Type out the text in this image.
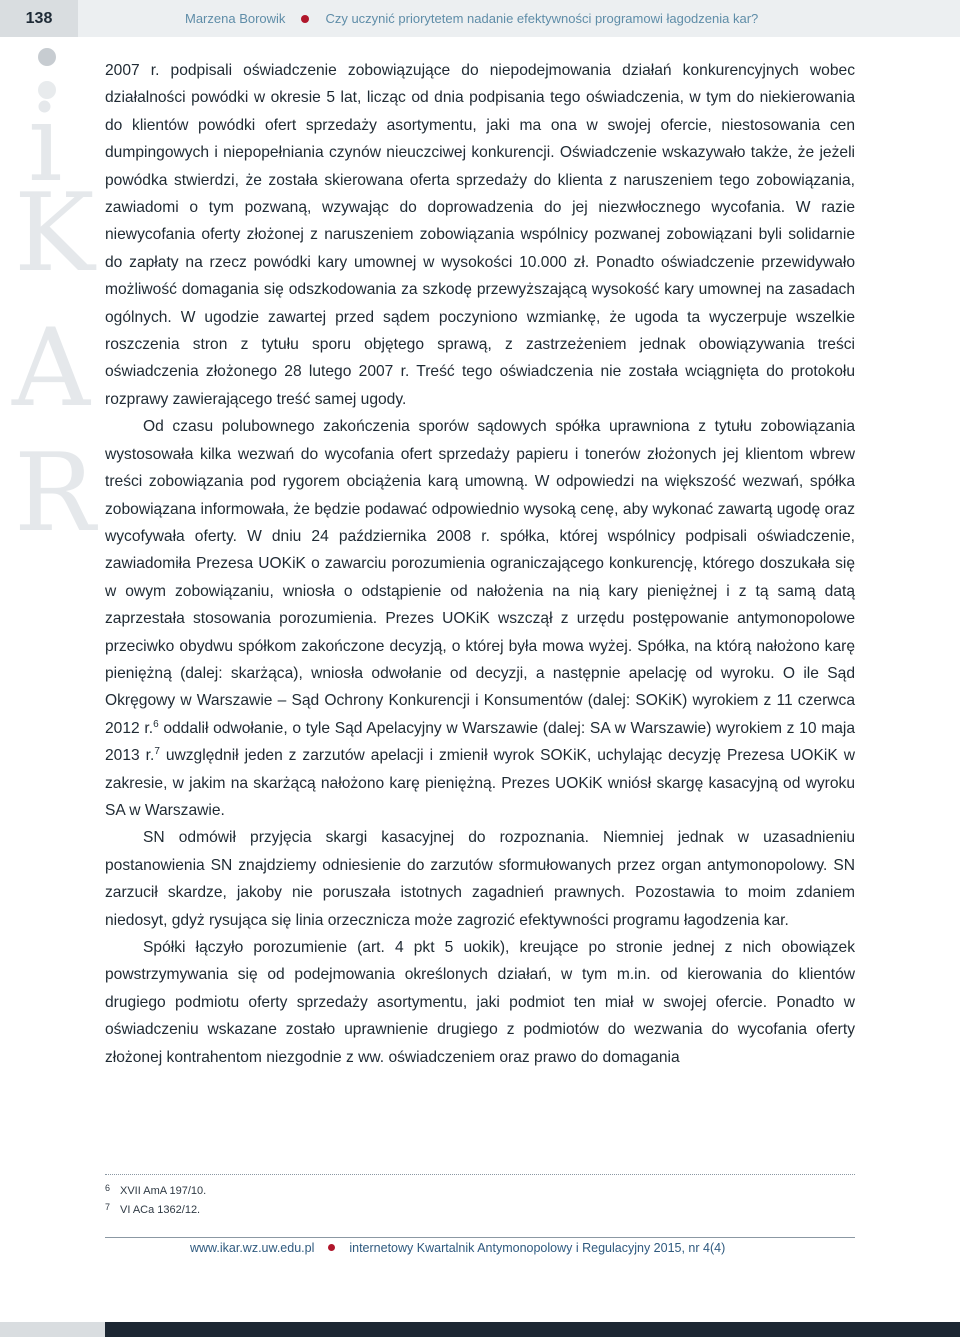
138	Marzena Borowik	Czy uczynić priorytetem nadanie efektywności programowi łagodzenia kar?
i
K
A
R

2007 r. podpisali oświadczenie zobowiązujące do niepodejmowania działań konkurencyjnych wobec działalności powódki w okresie 5 lat, licząc od dnia podpisania tego oświadczenia, w tym do niekierowania do klientów powódki ofert sprzedaży asortymentu, jaki ma ona w swojej ofercie, niestosowania cen dumpingowych i niepopełniania czynów nieuczciwej konkurencji. Oświadczenie wskazywało także, że jeżeli powódka stwierdzi, że została skierowana oferta sprzedaży do klienta z naruszeniem tego zobowiązania, zawiadomi o tym pozwaną, wzywając do doprowadzenia do jej niezwłocznego wycofania. W razie niewycofania oferty złożonej z naruszeniem zobowiązania wspólnicy pozwanej zobowiązani byli solidarnie do zapłaty na rzecz powódki kary umownej w wysokości 10.000 zł. Ponadto oświadczenie przewidywało możliwość domagania się odszkodowania za szkodę przewyższającą wysokość kary umownej na zasadach ogólnych. W ugodzie zawartej przed sądem poczyniono wzmiankę, że ugoda ta wyczerpuje wszelkie roszczenia stron z tytułu sporu objętego sprawą, z zastrzeżeniem jednak obowiązywania treści oświadczenia złożonego 28 lutego 2007 r. Treść tego oświadczenia nie została wciągnięta do protokołu rozprawy zawierającego treść samej ugody.

Od czasu polubownego zakończenia sporów sądowych spółka uprawniona z tytułu zobowiązania wystosowała kilka wezwań do wycofania ofert sprzedaży papieru i tonerów złożonych jej klientom wbrew treści zobowiązania pod rygorem obciążenia karą umowną. W odpowiedzi na większość wezwań, spółka zobowiązana informowała, że będzie podawać odpowiednio wysoką cenę, aby wykonać zawartą ugodę oraz wycofywała oferty. W dniu 24 października 2008 r. spółka, której wspólnicy podpisali oświadczenie, zawiadomiła Prezesa UOKiK o zawarciu porozumienia ograniczającego konkurencję, którego doszukała się w owym zobowiązaniu, wniosła o odstąpienie od nałożenia na nią kary pieniężnej i z tą samą datą zaprzestała stosowania porozumienia. Prezes UOKiK wszczął z urzędu postępowanie antymonopolowe przeciwko obydwu spółkom zakończone decyzją, o której była mowa wyżej. Spółka, na którą nałożono karę pieniężną (dalej: skarżąca), wniosła odwołanie od decyzji, a następnie apelację od wyroku. O ile Sąd Okręgowy w Warszawie – Sąd Ochrony Konkurencji i Konsumentów (dalej: SOKiK) wyrokiem z 11 czerwca 2012 r.$^6$ oddalił odwołanie, o tyle Sąd Apelacyjny w Warszawie (dalej: SA w Warszawie) wyrokiem z 10 maja 2013 r.$^7$ uwzględnił jeden z zarzutów apelacji i zmienił wyrok SOKiK, uchylając decyzję Prezesa UOKiK w zakresie, w jakim na skarżącą nałożono karę pieniężną. Prezes UOKiK wniósł skargę kasacyjną od wyroku SA w Warszawie.

SN odmówił przyjęcia skargi kasacyjnej do rozpoznania. Niemniej jednak w uzasadnieniu postanowienia SN znajdziemy odniesienie do zarzutów sformułowanych przez organ antymonopolowy. SN zarzucił skardze, jakoby nie poruszała istotnych zagadnień prawnych. Pozostawia to moim zdaniem niedosyt, gdyż rysująca się linia orzecznicza może zagrozić efektywności programu łagodzenia kar.

Spółki łączyło porozumienie (art. 4 pkt 5 uokik), kreujące po stronie jednej z nich obowiązek powstrzymywania się od podejmowania określonych działań, w tym m.in. od kierowania do klientów drugiego podmiotu oferty sprzedaży asortymentu, jaki podmiot ten miał w swojej ofercie. Ponadto w oświadczeniu wskazane zostało uprawnienie drugiego z podmiotów do wezwania do wycofania oferty złożonej kontrahentom niezgodnie z ww. oświadczeniem oraz prawo do domagania

6 XVII AmA 197/10.
7 VI ACa 1362/12.
www.ikar.wz.uw.edu.pl	internetowy Kwartalnik Antymonopolowy i Regulacyjny 2015, nr 4(4)
